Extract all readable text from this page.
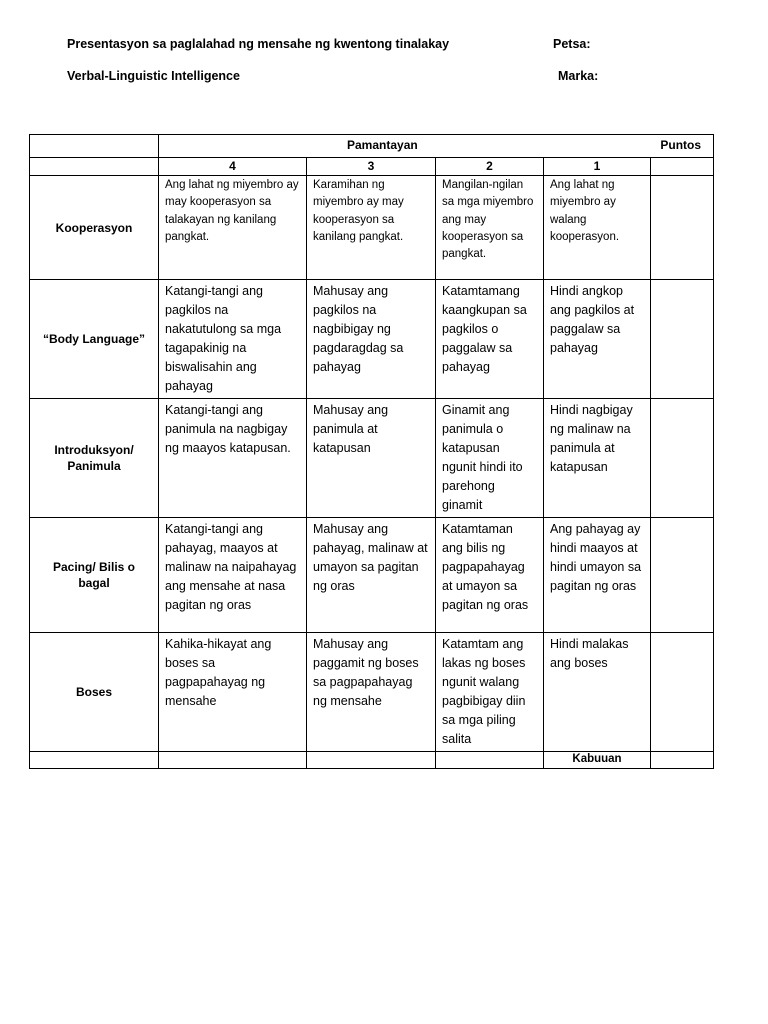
Presentasyon sa paglalahad ng mensahe ng kwentong tinalakay	Petsa:
Verbal-Linguistic Intelligence	Marka:

	Pamantayan Puntos				

	4	3	2	1	
Kooperasyon	Ang lahat ng miyembro ay may kooperasyon sa talakayan ng kanilang pangkat.	Karamihan ng miyembro ay may kooperasyon sa kanilang pangkat.	Mangilan-ngilan sa mga miyembro ang may kooperasyon sa pangkat.	Ang lahat ng miyembro ay walang kooperasyon.	
“Body Language”	Katangi-tangi ang pagkilos na nakatutulong sa mga tagapakinig na biswalisahin ang pahayag	Mahusay ang pagkilos na nagbibigay ng pagdaragdag sa pahayag	Katamtamang kaangkupan sa pagkilos o paggalaw sa pahayag	Hindi angkop ang pagkilos at paggalaw sa pahayag	
Introduksyon/ Panimula	Katangi-tangi ang panimula na nagbigay ng maayos katapusan.	Mahusay ang panimula at katapusan	Ginamit ang panimula o katapusan ngunit hindi ito parehong ginamit	Hindi nagbigay ng malinaw na panimula at katapusan	
Pacing/ Bilis o bagal	Katangi-tangi ang pahayag, maayos at malinaw na naipahayag ang mensahe at nasa pagitan ng oras	Mahusay ang pahayag, malinaw at umayon sa pagitan ng oras	Katamtaman ang bilis ng pagpapahayag at umayon sa pagitan ng oras	Ang pahayag ay hindi maayos at hindi umayon sa pagitan ng oras	
Boses	Kahika-hikayat ang boses sa pagpapahayag ng mensahe	Mahusay ang paggamit ng boses sa pagpapahayag ng mensahe	Katamtam ang lakas ng boses ngunit walang pagbibigay diin sa mga piling salita	Hindi malakas ang boses	
				Kabuuan	
